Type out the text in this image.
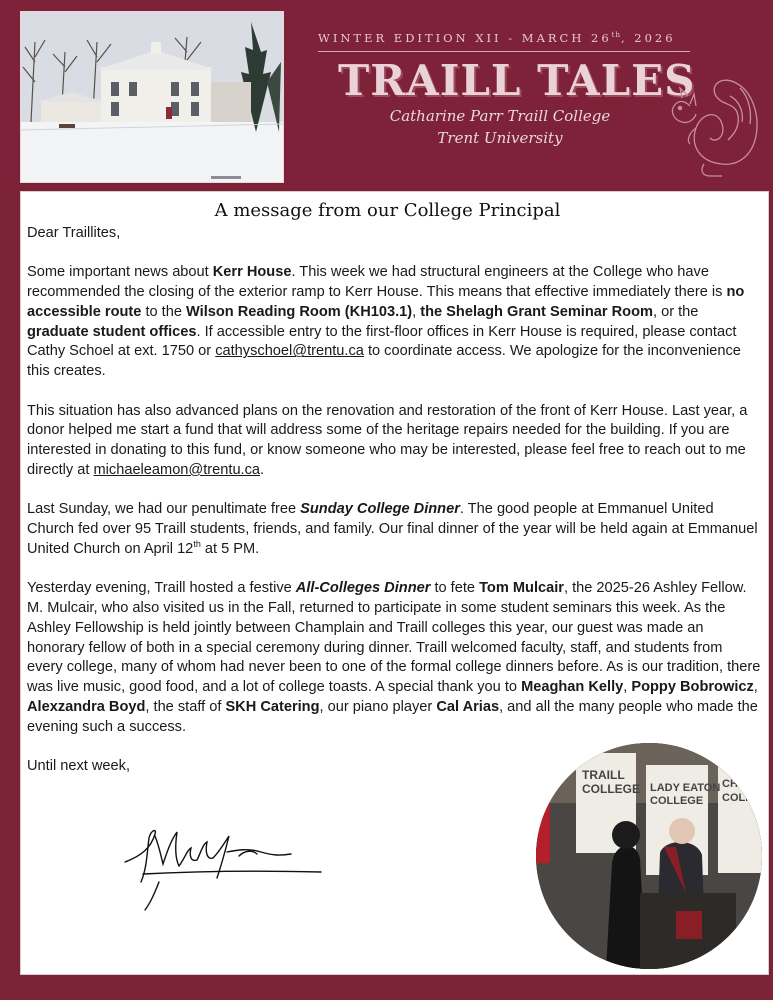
WINTER EDITION XII - MARCH 26th, 2026
TRAILL TALES
Catharine Parr Traill College
Trent University
A message from our College Principal

Dear Traillites,

Some important news about Kerr House. This week we had structural engineers at the College who have recommended the closing of the exterior ramp to Kerr House. This means that effective immediately there is no accessible route to the Wilson Reading Room (KH103.1), the Shelagh Grant Seminar Room, or the graduate student offices. If accessible entry to the first-floor offices in Kerr House is required, please contact Cathy Schoel at ext. 1750 or cathyschoel@trentu.ca to coordinate access. We apologize for the inconvenience this creates.

This situation has also advanced plans on the renovation and restoration of the front of Kerr House. Last year, a donor helped me start a fund that will address some of the heritage repairs needed for the building. If you are interested in donating to this fund, or know someone who may be interested, please feel free to reach out to me directly at michaeleamon@trentu.ca.

Last Sunday, we had our penultimate free Sunday College Dinner. The good people at Emmanuel United Church fed over 95 Traill students, friends, and family. Our final dinner of the year will be held again at Emmanuel United Church on April 12th at 5 PM.

Yesterday evening, Traill hosted a festive All-Colleges Dinner to fete Tom Mulcair, the 2025-26 Ashley Fellow. M. Mulcair, who also visited us in the Fall, returned to participate in some student seminars this week. As the Ashley Fellowship is held jointly between Champlain and Traill colleges this year, our guest was made an honorary fellow of both in a special ceremony during dinner. Traill welcomed faculty, staff, and students from every college, many of whom had never been to one of the formal college dinners before. As is our tradition, there was live music, good food, and a lot of college toasts. A special thank you to Meaghan Kelly, Poppy Bobrowicz, Alexzandra Boyd, the staff of SKH Catering, our piano player Cal Arias, and all the many people who made the evening such a success.

Until next week,

TRAILL
COLLEGE LADY EATON
COLLEGE
CHA
COLLE
